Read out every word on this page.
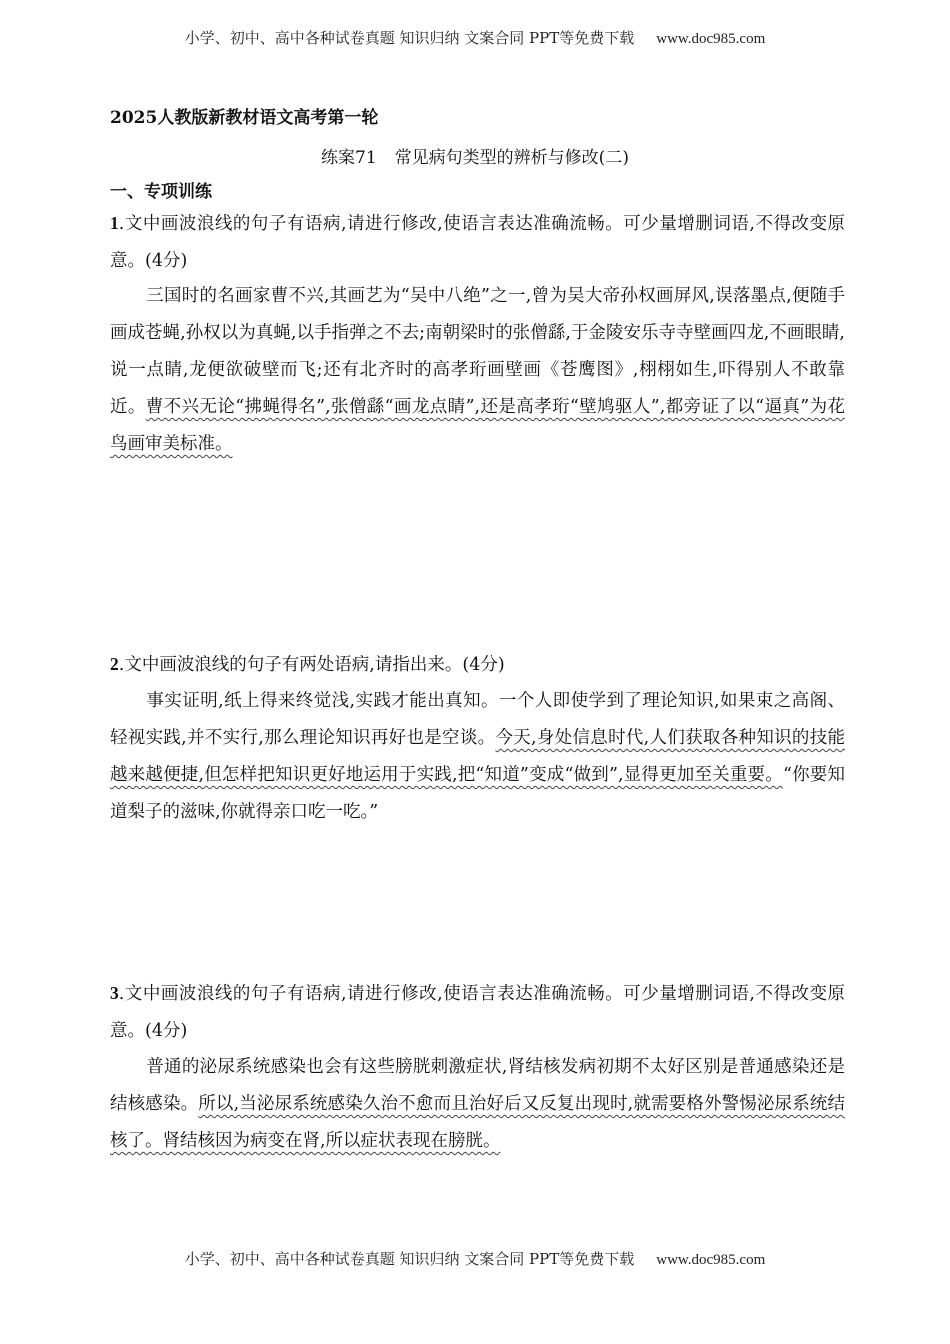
小学、初中、高中各种试卷真题 知识归纳 文案合同 PPT等免费下载 www.doc985.com
2025人教版新教材语文高考第一轮
练案71 常见病句类型的辨析与修改(二)
一、专项训练
1.文中画波浪线的句子有语病,请进行修改,使语言表达准确流畅。可少量增删词语,不得改变原意。(4分)
三国时的名画家曹不兴,其画艺为“吴中八绝”之一,曾为吴大帝孙权画屏风,误落墨点,便随手画成苍蝇,孙权以为真蝇,以手指弹之不去;南朝梁时的张僧繇,于金陵安乐寺寺壁画四龙,不画眼睛,说一点睛,龙便欲破壁而飞;还有北齐时的高孝珩画壁画《苍鹰图》,栩栩如生,吓得别人不敢靠近。曹不兴无论“拂蝇得名”,张僧繇“画龙点睛”,还是高孝珩“壁鸠驱人”,都旁证了以“逼真”为花鸟画审美标准。
2.文中画波浪线的句子有两处语病,请指出来。(4分)
事实证明,纸上得来终觉浅,实践才能出真知。一个人即使学到了理论知识,如果束之高阁、轻视实践,并不实行,那么理论知识再好也是空谈。今天,身处信息时代,人们获取各种知识的技能越来越便捷,但怎样把知识更好地运用于实践,把“知道”变成“做到”,显得更加至关重要。“你要知道梨子的滋味,你就得亲口吃一吃。”
3.文中画波浪线的句子有语病,请进行修改,使语言表达准确流畅。可少量增删词语,不得改变原意。(4分)
普通的泌尿系统感染也会有这些膀胱刺激症状,肾结核发病初期不太好区别是普通感染还是结核感染。所以,当泌尿系统感染久治不愈而且治好后又反复出现时,就需要格外警惕泌尿系统结核了。肾结核因为病变在肾,所以症状表现在膀胱。
小学、初中、高中各种试卷真题 知识归纳 文案合同 PPT等免费下载 www.doc985.com
